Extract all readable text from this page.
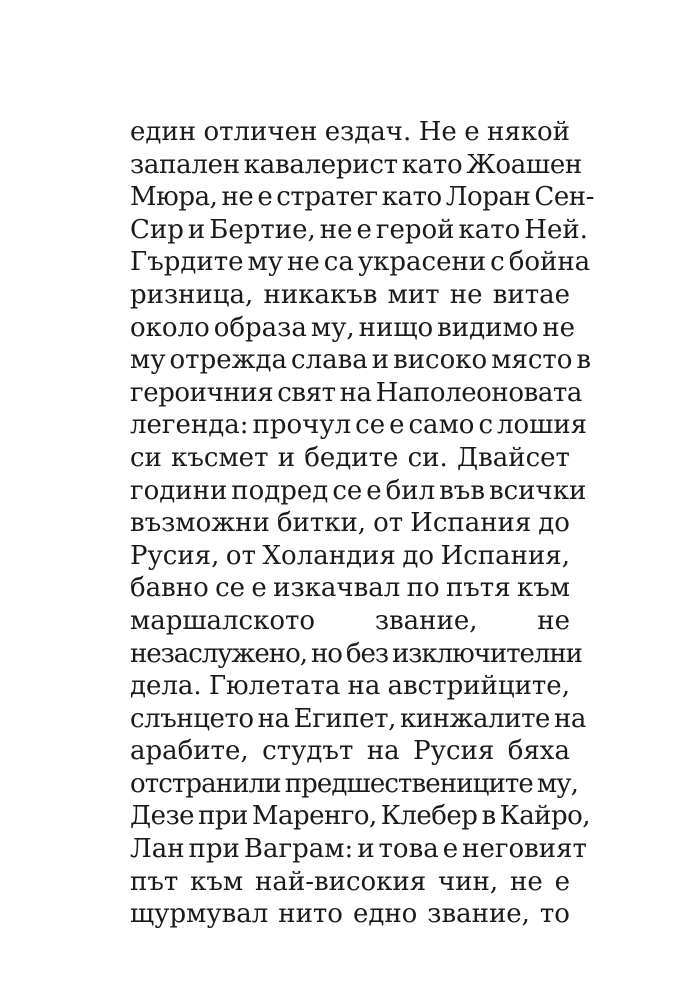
един отличен ездач. Не е някой
запален кавалерист като Жоашен
Мюра, не е стратег като Лоран Сен-
Сир и Бертие, не е герой като Ней.
Гърдите му не са украсени с бойна
ризница, никакъв мит не витае
около образа му, нищо видимо не
му отрежда слава и високо място в
героичния свят на Наполеоновата
легенда: прочул се е само с лошия
си късмет и бедите си. Двайсет
години подред се е бил във всички
възможни битки, от Испания до
Русия, от Холандия до Испания,
бавно се е изкачвал по пътя към
маршалското звание, не
незаслужено, но без изключителни
дела. Гюлетата на австрийците,
слънцето на Египет, кинжалите на
арабите, студът на Русия бяха
отстранили предшествениците му,
Дезе при Маренго, Клебер в Кайро,
Лан при Ваграм: и това е неговият
път към най-високия чин, не е
щурмувал нито едно звание, то
